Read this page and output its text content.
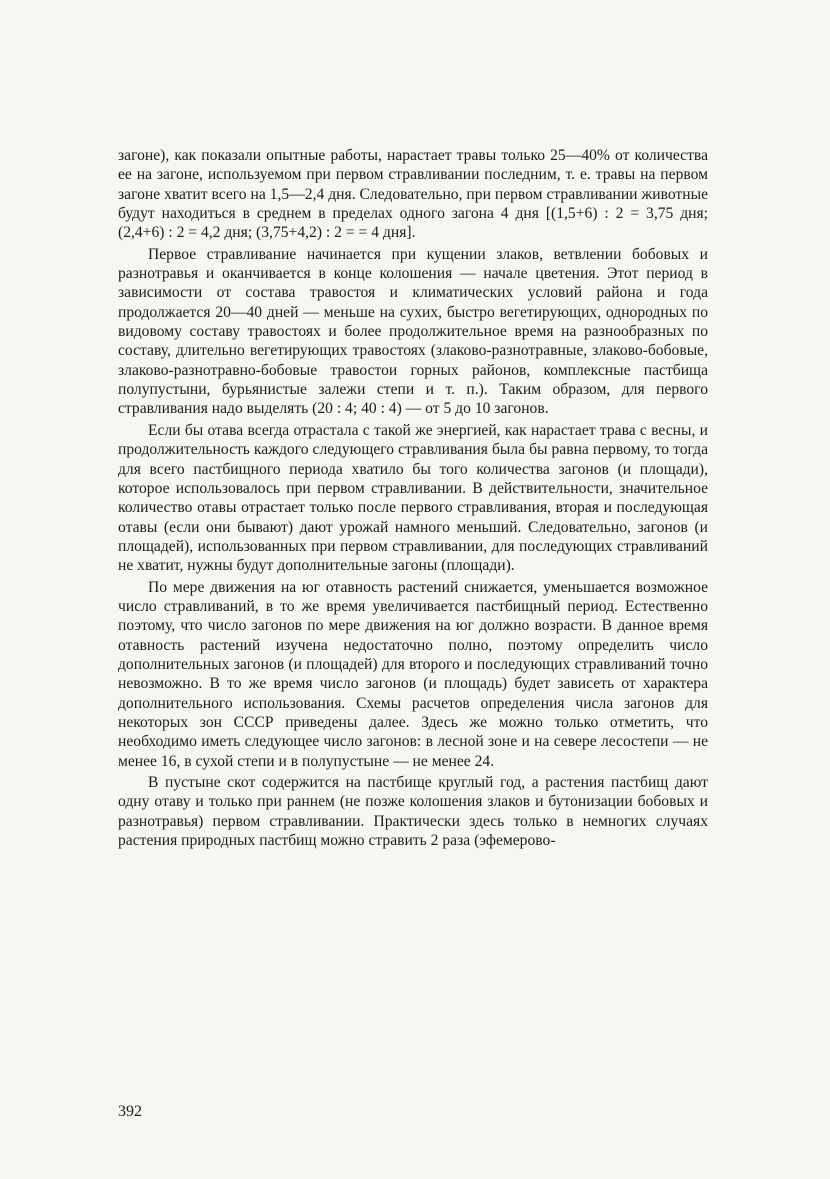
загоне), как показали опытные работы, нарастает травы только 25—40% от количества ее на загоне, используемом при первом стравливании последним, т. е. травы на первом загоне хватит всего на 1,5—2,4 дня. Следовательно, при первом стравливании животные будут находиться в среднем в пределах одного загона 4 дня [(1,5+6) : 2 = 3,75 дня; (2,4+6) : 2 = 4,2 дня; (3,75+4,2) : 2 = = 4 дня].

Первое стравливание начинается при кущении злаков, ветвлении бобовых и разнотравья и оканчивается в конце колошения — начале цветения. Этот период в зависимости от состава травостоя и климатических условий района и года продолжается 20—40 дней — меньше на сухих, быстро вегетирующих, однородных по видовому составу травостоях и более продолжительное время на разнообразных по составу, длительно вегетирующих травостоях (злаково-разнотравные, злаково-бобовые, злаково-разнотравно-бобовые травостои горных районов, комплексные пастбища полупустыни, бурьянистые залежи степи и т. п.). Таким образом, для первого стравливания надо выделять (20 : 4; 40 : 4) — от 5 до 10 загонов.

Если бы отава всегда отрастала с такой же энергией, как нарастает трава с весны, и продолжительность каждого следующего стравливания была бы равна первому, то тогда для всего пастбищного периода хватило бы того количества загонов (и площади), которое использовалось при первом стравливании. В действительности, значительное количество отавы отрастает только после первого стравливания, вторая и последующая отавы (если они бывают) дают урожай намного меньший. Следовательно, загонов (и площадей), использованных при первом стравливании, для последующих стравливаний не хватит, нужны будут дополнительные загоны (площади).

По мере движения на юг отавность растений снижается, уменьшается возможное число стравливаний, в то же время увеличивается пастбищный период. Естественно поэтому, что число загонов по мере движения на юг должно возрасти. В данное время отавность растений изучена недостаточно полно, поэтому определить число дополнительных загонов (и площадей) для второго и последующих стравливаний точно невозможно. В то же время число загонов (и площадь) будет зависеть от характера дополнительного использования. Схемы расчетов определения числа загонов для некоторых зон СССР приведены далее. Здесь же можно только отметить, что необходимо иметь следующее число загонов: в лесной зоне и на севере лесостепи — не менее 16, в сухой степи и в полупустыне — не менее 24.

В пустыне скот содержится на пастбище круглый год, а растения пастбищ дают одну отаву и только при раннем (не позже колошения злаков и бутонизации бобовых и разнотравья) первом стравливании. Практически здесь только в немногих случаях растения природных пастбищ можно стравить 2 раза (эфемерово-

392
